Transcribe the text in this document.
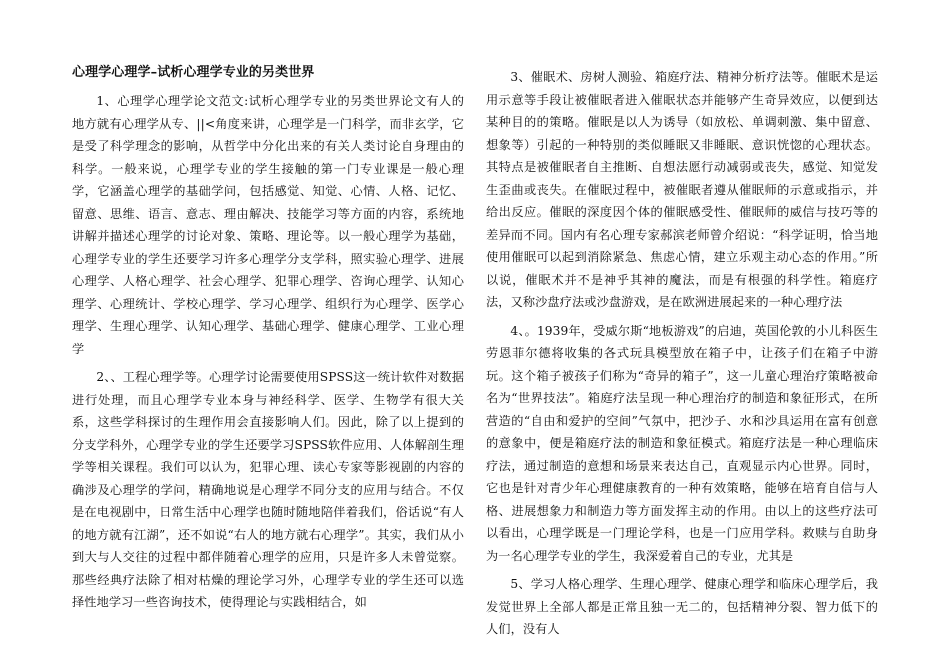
心理学心理学–试析心理学专业的另类世界

1、心理学心理学论文范文:试析心理学专业的另类世界论文有人的地方就有心理学从专、||<角度来讲，心理学是一门科学，而非玄学，它是受了科学理念的影响，从哲学中分化出来的有关人类讨论自身理由的科学。一般来说，心理学专业的学生接触的第一门专业课是一般心理学，它涵盖心理学的基础学问，包括感觉、知觉、心情、人格、记忆、留意、思维、语言、意志、理由解决、技能学习等方面的内容，系统地讲解并描述心理学的讨论对象、策略、理论等。以一般心理学为基础，心理学专业的学生还要学习许多心理学分支学科，照实验心理学、进展心理学、人格心理学、社会心理学、犯罪心理学、咨询心理学、认知心理学、心理统计、学校心理学、学习心理学、组织行为心理学、医学心理学、生理心理学、认知心理学、基础心理学、健康心理学、工业心理学

2、、工程心理学等。心理学讨论需要使用SPSS这一统计软件对数据进行处理，而且心理学专业本身与神经科学、医学、生物学有很大关系，这些学科探讨的生理作用会直接影响人们。因此，除了以上提到的分支学科外，心理学专业的学生还要学习SPSS软件应用、人体解剖生理学等相关课程。我们可以认为，犯罪心理、读心专家等影视剧的内容的确涉及心理学的学问，精确地说是心理学不同分支的应用与结合。不仅是在电视剧中，日常生活中心理学也随时随地陪伴着我们，俗话说“有人的地方就有江湖”，还不如说“右人的地方就右心理学”。其实，我们从小到大与人交往的过程中都伴随着心理学的应用，只是许多人未曾觉察。那些经典疗法除了相对枯燥的理论学习外，心理学专业的学生还可以选择性地学习一些咨询技术，使得理论与实践相结合，如

3、催眠术、房树人测验、箱庭疗法、精神分析疗法等。催眠术是运用示意等手段让被催眠者进入催眠状态并能够产生奇异效应，以便到达某种目的的策略。催眠是以人为诱导（如放松、单调刺激、集中留意、想象等）引起的一种特别的类似睡眠又非睡眠、意识恍惚的心理状态。其特点是被催眠者自主推断、自想法愿行动减弱或丧失，感觉、知觉发生歪曲或丧失。在催眠过程中，被催眠者遵从催眠师的示意或指示，并给出反应。催眠的深度因个体的催眠感受性、催眠师的威信与技巧等的差异而不同。国内有名心理专家郝滨老师曾介绍说：“科学证明，恰当地使用催眠可以起到消除紧急、焦虑心情，建立乐观主动心态的作用。”所以说，催眠术并不是神乎其神的魔法，而是有根强的科学性。箱庭疗法，又称沙盘疗法或沙盘游戏，是在欧洲进展起来的一种心理疗法

4、。1939年，受威尔斯“地板游戏”的启迪，英国伦敦的小儿科医生劳恩菲尔德将收集的各式玩具模型放在箱子中，让孩子们在箱子中游玩。这个箱子被孩子们称为“奇异的箱子”，这一儿童心理治疗策略被命名为“世界技法”。箱庭疗法呈现一种心理治疗的制造和象征形式，在所营造的“自由和爱护的空间”气氛中，把沙子、水和沙具运用在富有创意的意象中，便是箱庭疗法的制造和象征模式。箱庭疗法是一种心理临床疗法，通过制造的意想和场景来表达自己，直观显示内心世界。同时，它也是针对青少年心理健康教育的一种有效策略，能够在培育自信与人格、进展想象力和制造力等方面发挥主动的作用。由以上的这些疗法可以看出，心理学既是一门理论学科，也是一门应用学科。救赎与自助身为一名心理学专业的学生，我深爱着自己的专业，尤其是

5、学习人格心理学、生理心理学、健康心理学和临床心理学后，我发觉世界上全部人都是正常且独一无二的，包括精神分裂、智力低下的人们，没有人
